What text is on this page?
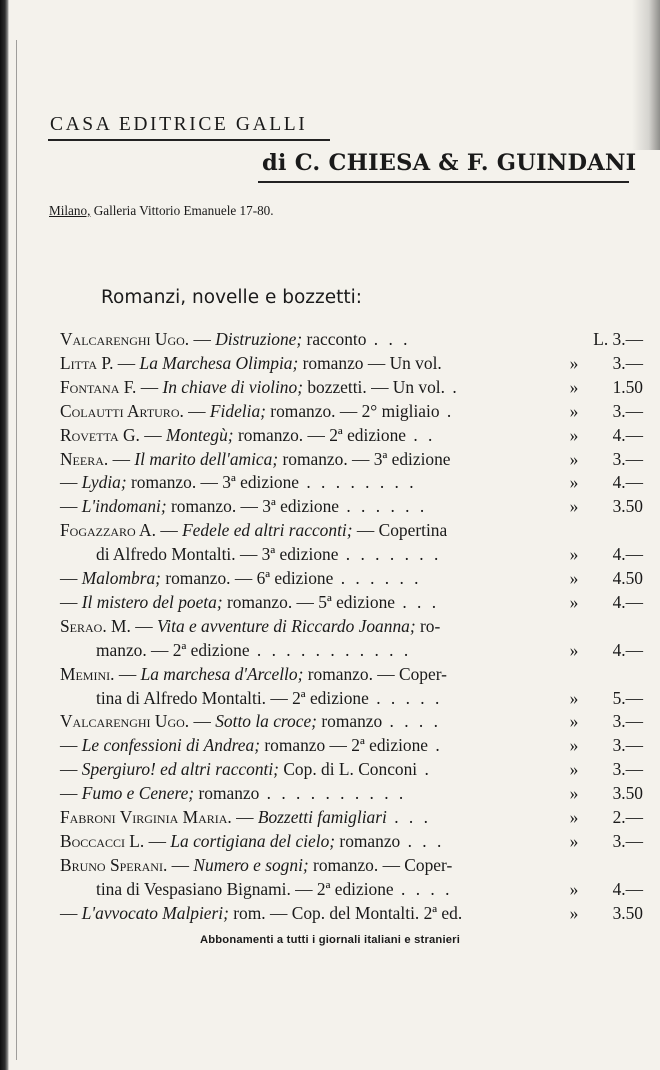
CASA EDITRICE GALLI
di C. CHIESA & F. GUINDANI
Milano, Galleria Vittorio Emanuele 17-80.
Romanzi, novelle e bozzetti:
Valcarenghi Ugo. — Distruzione; racconto . . .	L. 3.—
Litta P. — La Marchesa Olimpia; romanzo — Un vol.	»	3.—
Fontana F. — In chiave di violino; bozzetti. — Un vol. .	»	1.50
Colautti Arturo. — Fidelia; romanzo. — 2° migliaio .	»	3.—
Rovetta G. — Montegù; romanzo. — 2ª edizione . .	»	4.—
Neera. — Il marito dell'amica; romanzo. — 3ª edizione	»	3.—
— Lydia; romanzo. — 3ª edizione . . . . . . . .	»	4.—
— L'indomani; romanzo. — 3ª edizione . . . . . .	»	3.50
Fogazzaro A. — Fedele ed altri racconti; — Copertina
di Alfredo Montalti. — 3ª edizione . . . . . . .	»	4.—
— Malombra; romanzo. — 6ª edizione . . . . . .	»	4.50
— Il mistero del poeta; romanzo. — 5ª edizione . . .	»	4.—
Serao. M. — Vita e avventure di Riccardo Joanna; ro-
manzo. — 2ª edizione . . . . . . . . . . .	»	4.—
Memini. — La marchesa d'Arcello; romanzo. — Coper-
tina di Alfredo Montalti. — 2ª edizione . . . . .	»	5.—
Valcarenghi Ugo. — Sotto la croce; romanzo . . . .	»	3.—
— Le confessioni di Andrea; romanzo — 2ª edizione .	»	3.—
— Spergiuro! ed altri racconti; Cop. di L. Conconi .	»	3.—
— Fumo e Cenere; romanzo . . . . . . . . . .	»	3.50
Fabroni Virginia Maria. — Bozzetti famigliari . . .	»	2.—
Boccacci L. — La cortigiana del cielo; romanzo . . .	»	3.—
Bruno Sperani. — Numero e sogni; romanzo. — Coper-
tina di Vespasiano Bignami. — 2ª edizione . . . .	»	4.—
— L'avvocato Malpieri; rom. — Cop. del Montalti. 2ª ed.	»	3.50
Abbonamenti a tutti i giornali italiani e stranieri
